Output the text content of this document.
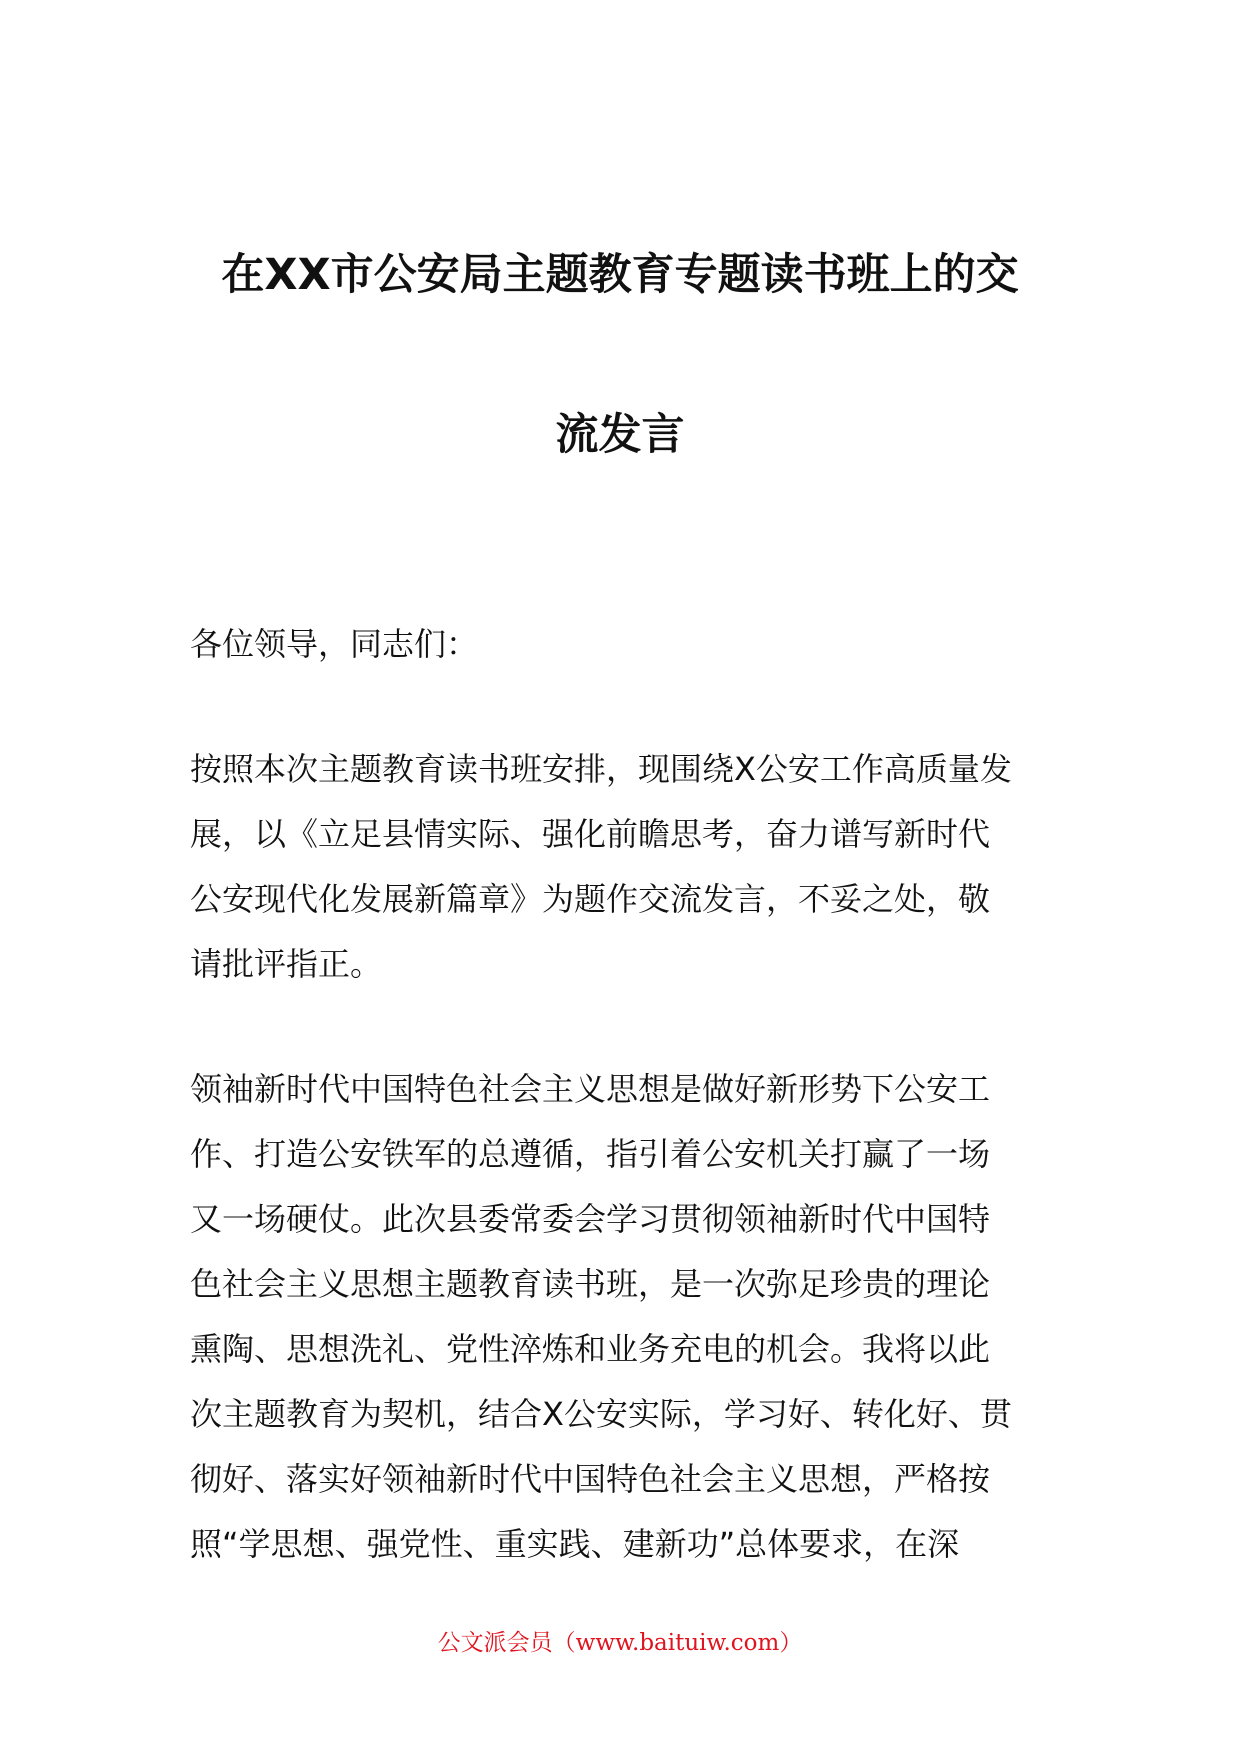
在XX市公安局主题教育专题读书班上的交
流发言
各位领导，同志们：
按照本次主题教育读书班安排，现围绕X公安工作高质量发
展，以《立足县情实际、强化前瞻思考，奋力谱写新时代
公安现代化发展新篇章》为题作交流发言，不妥之处，敬
请批评指正。
领袖新时代中国特色社会主义思想是做好新形势下公安工
作、打造公安铁军的总遵循，指引着公安机关打赢了一场
又一场硬仗。此次县委常委会学习贯彻领袖新时代中国特
色社会主义思想主题教育读书班，是一次弥足珍贵的理论
熏陶、思想洗礼、党性淬炼和业务充电的机会。我将以此
次主题教育为契机，结合X公安实际，学习好、转化好、贯
彻好、落实好领袖新时代中国特色社会主义思想，严格按
照“学思想、强党性、重实践、建新功”总体要求，在深
公文派会员（www.baituiw.com）
